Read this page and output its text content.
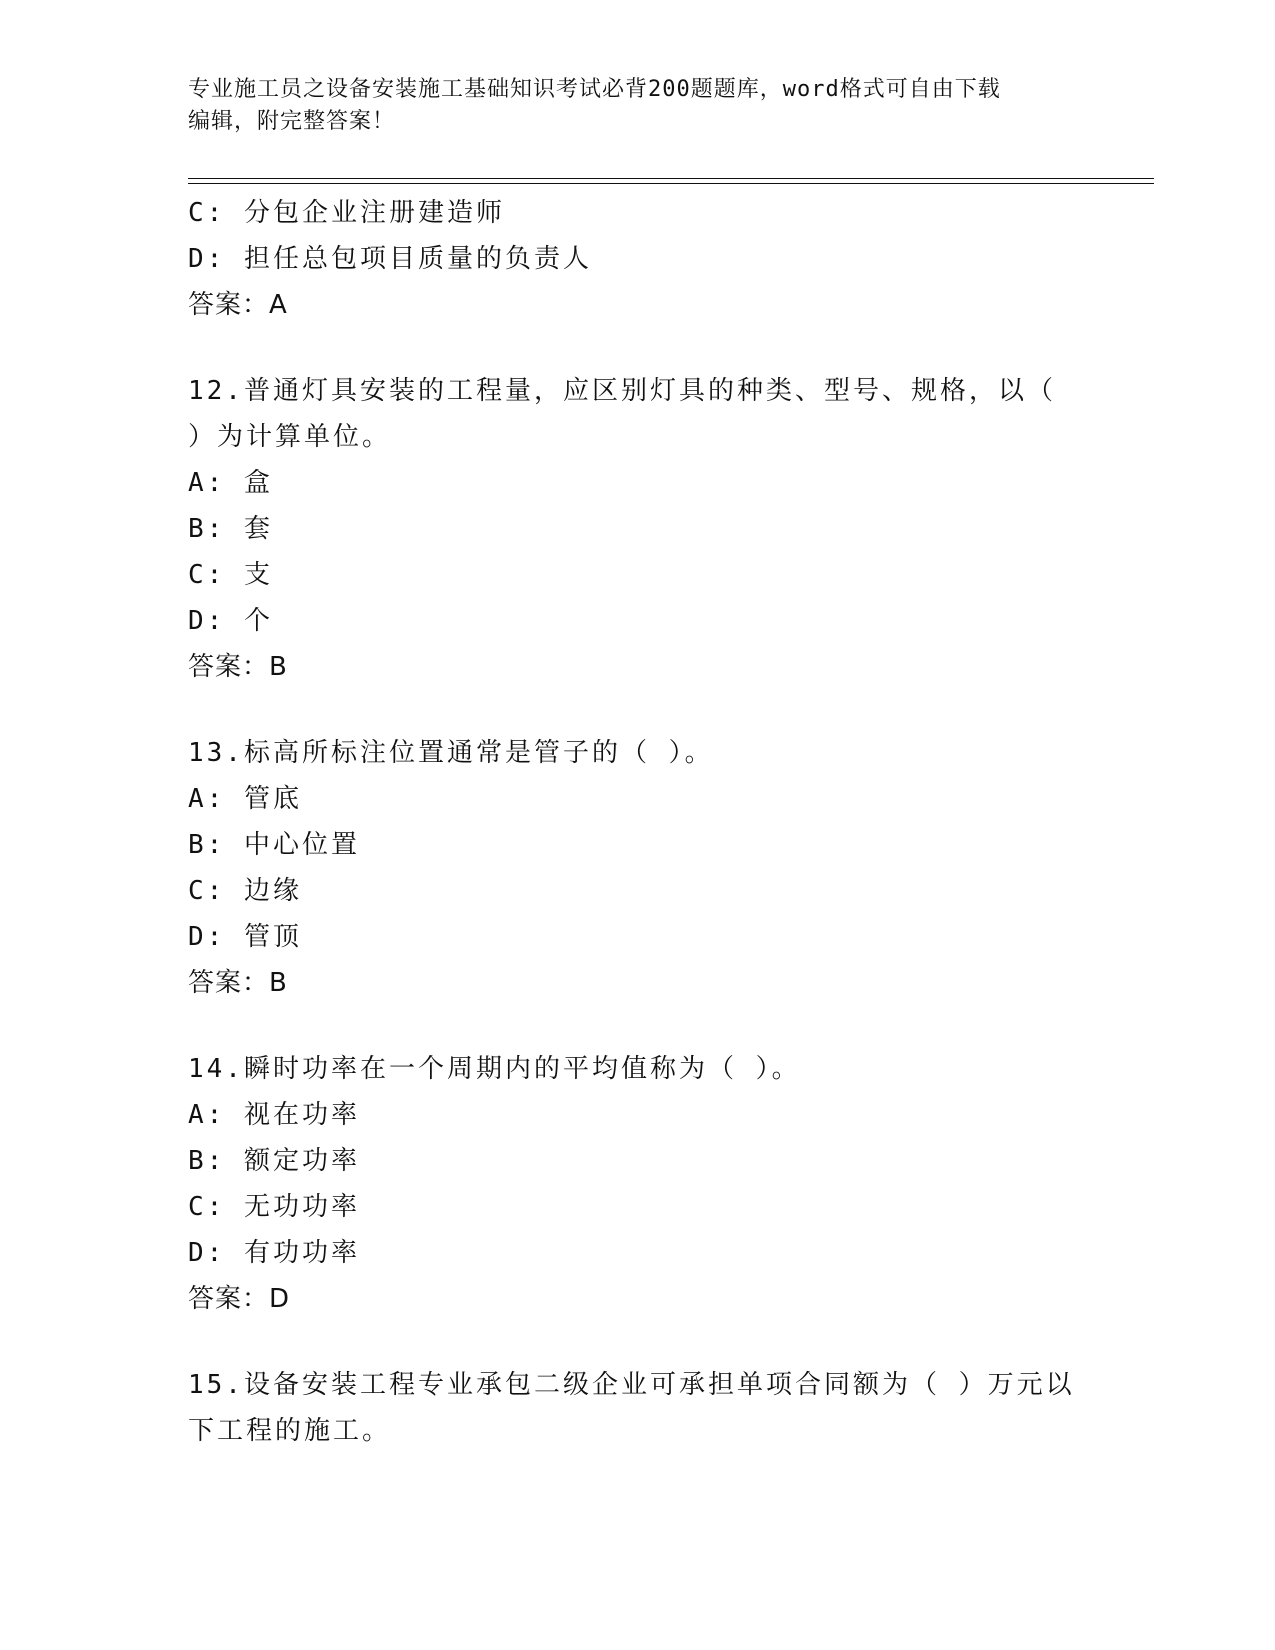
专业施工员之设备安装施工基础知识考试必背200题题库，word格式可自由下载
编辑，附完整答案！
C: 分包企业注册建造师
D: 担任总包项目质量的负责人
答案：A
12.普通灯具安装的工程量，应区别灯具的种类、型号、规格，以（
）为计算单位。
A: 盒
B: 套
C: 支
D: 个
答案：B
13.标高所标注位置通常是管子的（ ）。
A: 管底
B: 中心位置
C: 边缘
D: 管顶
答案：B
14.瞬时功率在一个周期内的平均值称为（ ）。
A: 视在功率
B: 额定功率
C: 无功功率
D: 有功功率
答案：D
15.设备安装工程专业承包二级企业可承担单项合同额为（ ）万元以
下工程的施工。
